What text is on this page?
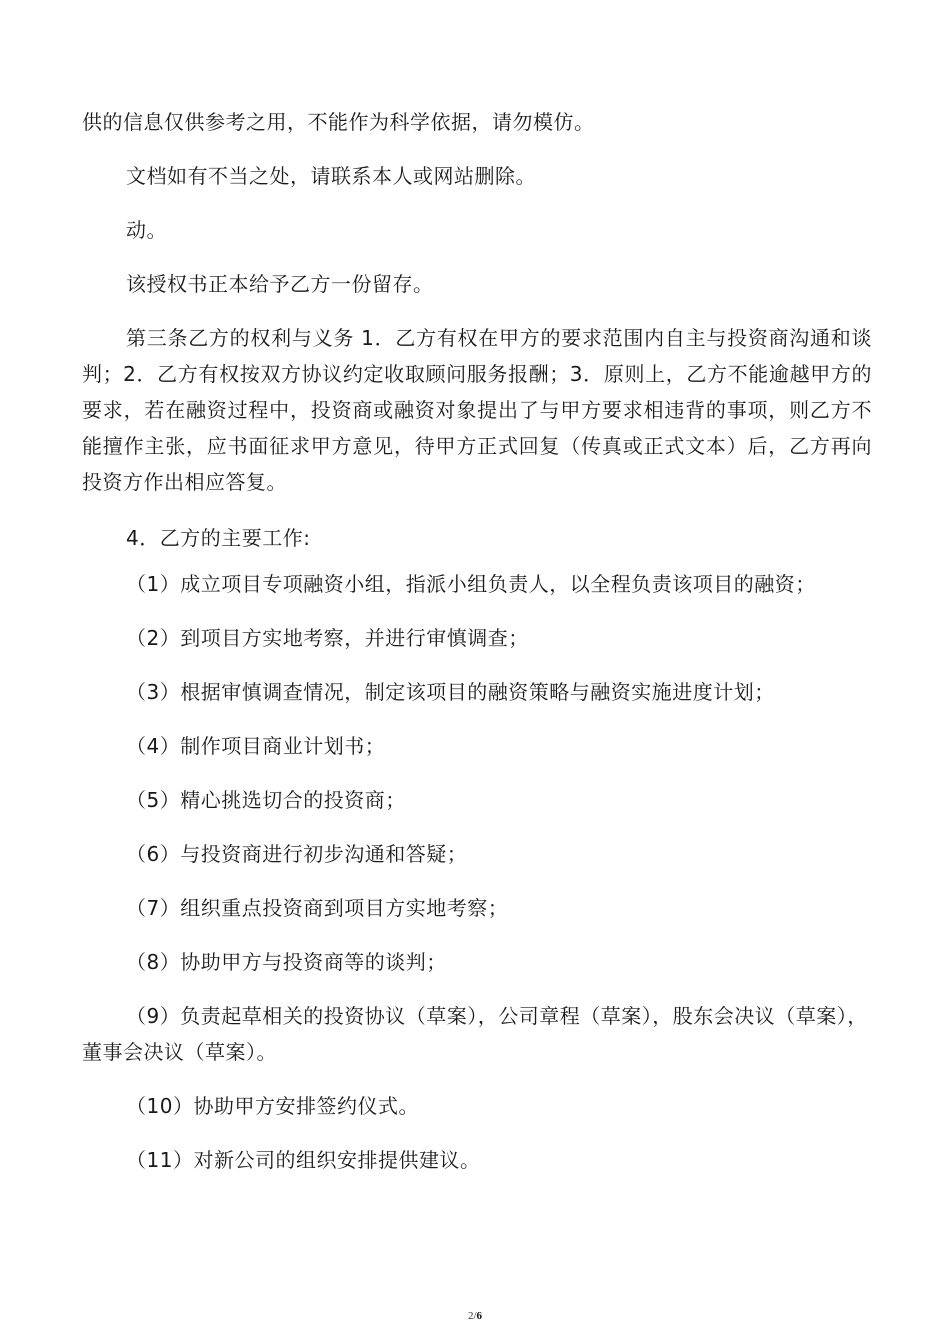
供的信息仅供参考之用，不能作为科学依据，请勿模仿。

文档如有不当之处，请联系本人或网站删除。

动。

该授权书正本给予乙方一份留存。

第三条乙方的权利与义务 1．乙方有权在甲方的要求范围内自主与投资商沟通和谈判；2．乙方有权按双方协议约定收取顾问服务报酬；3．原则上，乙方不能逾越甲方的要求，若在融资过程中，投资商或融资对象提出了与甲方要求相违背的事项，则乙方不能擅作主张，应书面征求甲方意见，待甲方正式回复（传真或正式文本）后，乙方再向投资方作出相应答复。

4．乙方的主要工作:

（1）成立项目专项融资小组，指派小组负责人，以全程负责该项目的融资；

（2）到项目方实地考察，并进行审慎调查；

（3）根据审慎调查情况，制定该项目的融资策略与融资实施进度计划；

（4）制作项目商业计划书；

（5）精心挑选切合的投资商；

（6）与投资商进行初步沟通和答疑；

（7）组织重点投资商到项目方实地考察；

（8）协助甲方与投资商等的谈判；

（9）负责起草相关的投资协议（草案），公司章程（草案），股东会决议（草案），董事会决议（草案）。

（10）协助甲方安排签约仪式。

（11）对新公司的组织安排提供建议。

2/6
